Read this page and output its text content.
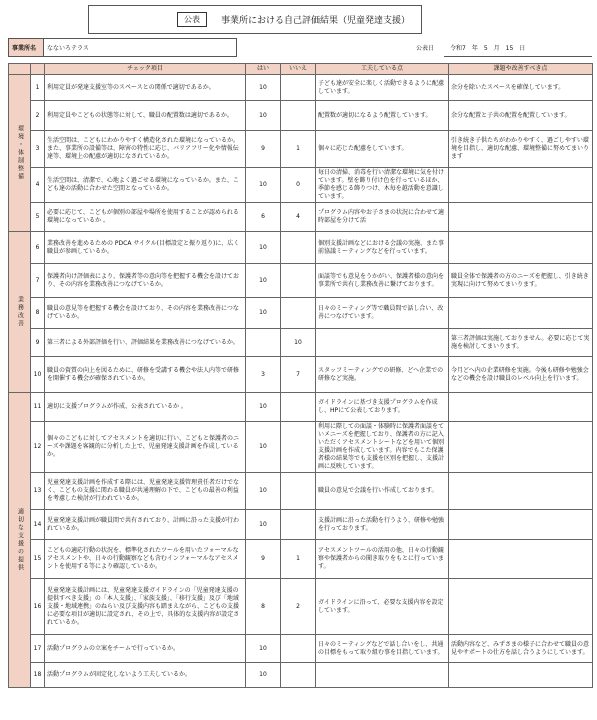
公表	事業所における自己評価結果（児童発達支援）
事業所名	なないろテラス	公表日	令和7　年　5　月　15　日
		チェック項目	はい	いいえ	工夫している点	課題や改善すべき点
環境・体制整備	1	利用定員が発達支援室等のスペースとの関係で適切であるか。	10		子ども達が安全に楽しく活動できるように配慮しています。	余分を除いたスペースを確保しています。
	2	利用定員やこどもの状態等に対して、職員の配置数は適切であるか。	10		配置数が適切になるよう配置しています。	余分な配置と子共の配置を配置しています。
	3	生活空間は、こどもにわかりやすく構造化された環境になっているか。また、事業所の設備等は、障害の特性に応じ、バリアフリー化や情報伝達等、環境上の配慮が適切になされているか。	9	1	個々に応じた配慮をしています。	引き続き子供たちがわかりやすく、過ごしやすい環境を目指し、適切な配慮、環境整備に努めてまいります
	4	生活空間は、清潔で、心地よく過ごせる環境になっているか。また、こども達の活動に合わせた空間となっているか。	10	0	毎日の清掃、消毒を行い清潔な環境に気を付けています。壁を飾り付け色を行っているほか、季節を感じる飾りつけ、木毎を越活動を意識しています。	
	5	必要に応じて、こどもが個別の部屋や場所を使用することが認められる環境になっているか 。	6	4	プログラム内容やお子さまの状況に合わせて適時部屋を分けて活	
業務改善	6	業務改善を進めるための PDCA サイクル(目標設定と振り返り)に、広く職員が参画しているか。	10		個別支援計画などにおける会議の実施、また事前協議ミーティングなどを行っています。	
	7	保護者向け評価表により、保護者等の意向等を把握する機会を設けており、その内容を業務改善につなげているか。	10		面談等でも意見をうかがい、保護者様の意向を事業所で共有し業務改善に繋げております。	職員全体で保護者の方のニーズを把握し、引き続き実現に向けて努めてまいります。
	8	職員の意見等を把握する機会を設けており、その内容を業務改善につなげているか。	10		日々のミーティング等で職員間で話し合い、改善につなげています。	
	9	第三者による外部評価を行い、評価結果を業務改善につなげているか。		10		第三者評価は実施しておりません。必要に応じて実施を検討してまいります。
	10	職員の資質の向上を図るために、研修を受講する機会や法人内等で研修を開催する機会が確保されているか。	3	7	スタッフミーティングでの研修、どへ企業での研修など実施。	今月どへ内の企業研修を実施。今後も研修や勉強会などの機会を設け職員のレベル向上を行います。
適切な支援の提供	11	適切に支援プログラムが作成、公表されているか 。	10		ガイドラインに基づき支援プログラムを作成し、HPにて公表しております。	
	12	個々のこどもに対してアセスメントを適切に行い、こどもと保護者のニーズや課題を客観的に分析した上で、児童発達支援計画を作成しているか。	10		利用に際しての面談・体験時に保護者面談をていメニーズを把握しており、保護者の方に記入いただくアセスメントシートなどを用いて個別支援計画を作成しています。内容でもこた保護者様の結果等でも支援を区別を把握し、支援計画に反映しています。	
	13	児童発達支援計画を作成する際には、児童発達支援管理責任者だけでなく、こどもの支援に関わる職員が共通理解の下で、こどもの最善の利益を考慮した検討が行われているか。	10		職員の意見で会議を行い作成しております。	
	14	児童発達支援計画が職員間で共有されており、計画に沿った支援が行われているか。	10		支援計画に沿った活動を行うよう、研修や勉強を行っております。	
	15	こどもの適応行動の状況を、標準化されたツールを用いたフォーマルなアセスメントや、日々の行動観察なども含むインフォーマルなアセスメントを使用する等により確認しているか。	9	1	アセスメントツールの活用の他、日々の行動観察や保護者からの聞き取りをもとに行っています。	
	16	児童発達支援計画には、児童発達支援ガイドラインの「児童発達支援の提供すべき支援」の「本人支援」、「家族支援」、「移行支援」及び「地域支援・地域連携」のねらい及び支援内容も踏まえながら、こどもの支援に必要な項目が適切に設定され、その上で、具体的な支援内容が設定されているか。	8	2	ガイドラインに沿って、必要な支援内容を設定しています。	
	17	活動プログラムの立案をチームで行っているか。	10		日々のミーティングなどで話し合いをし、共通の目標をもって取り組む事を目指しています。	活動内容など、みずさまの様子に合わせて職員の意見やサポートの仕方を話し合うようにしています。
	18	活動プログラムが固定化しないよう工夫しているか。	10			
